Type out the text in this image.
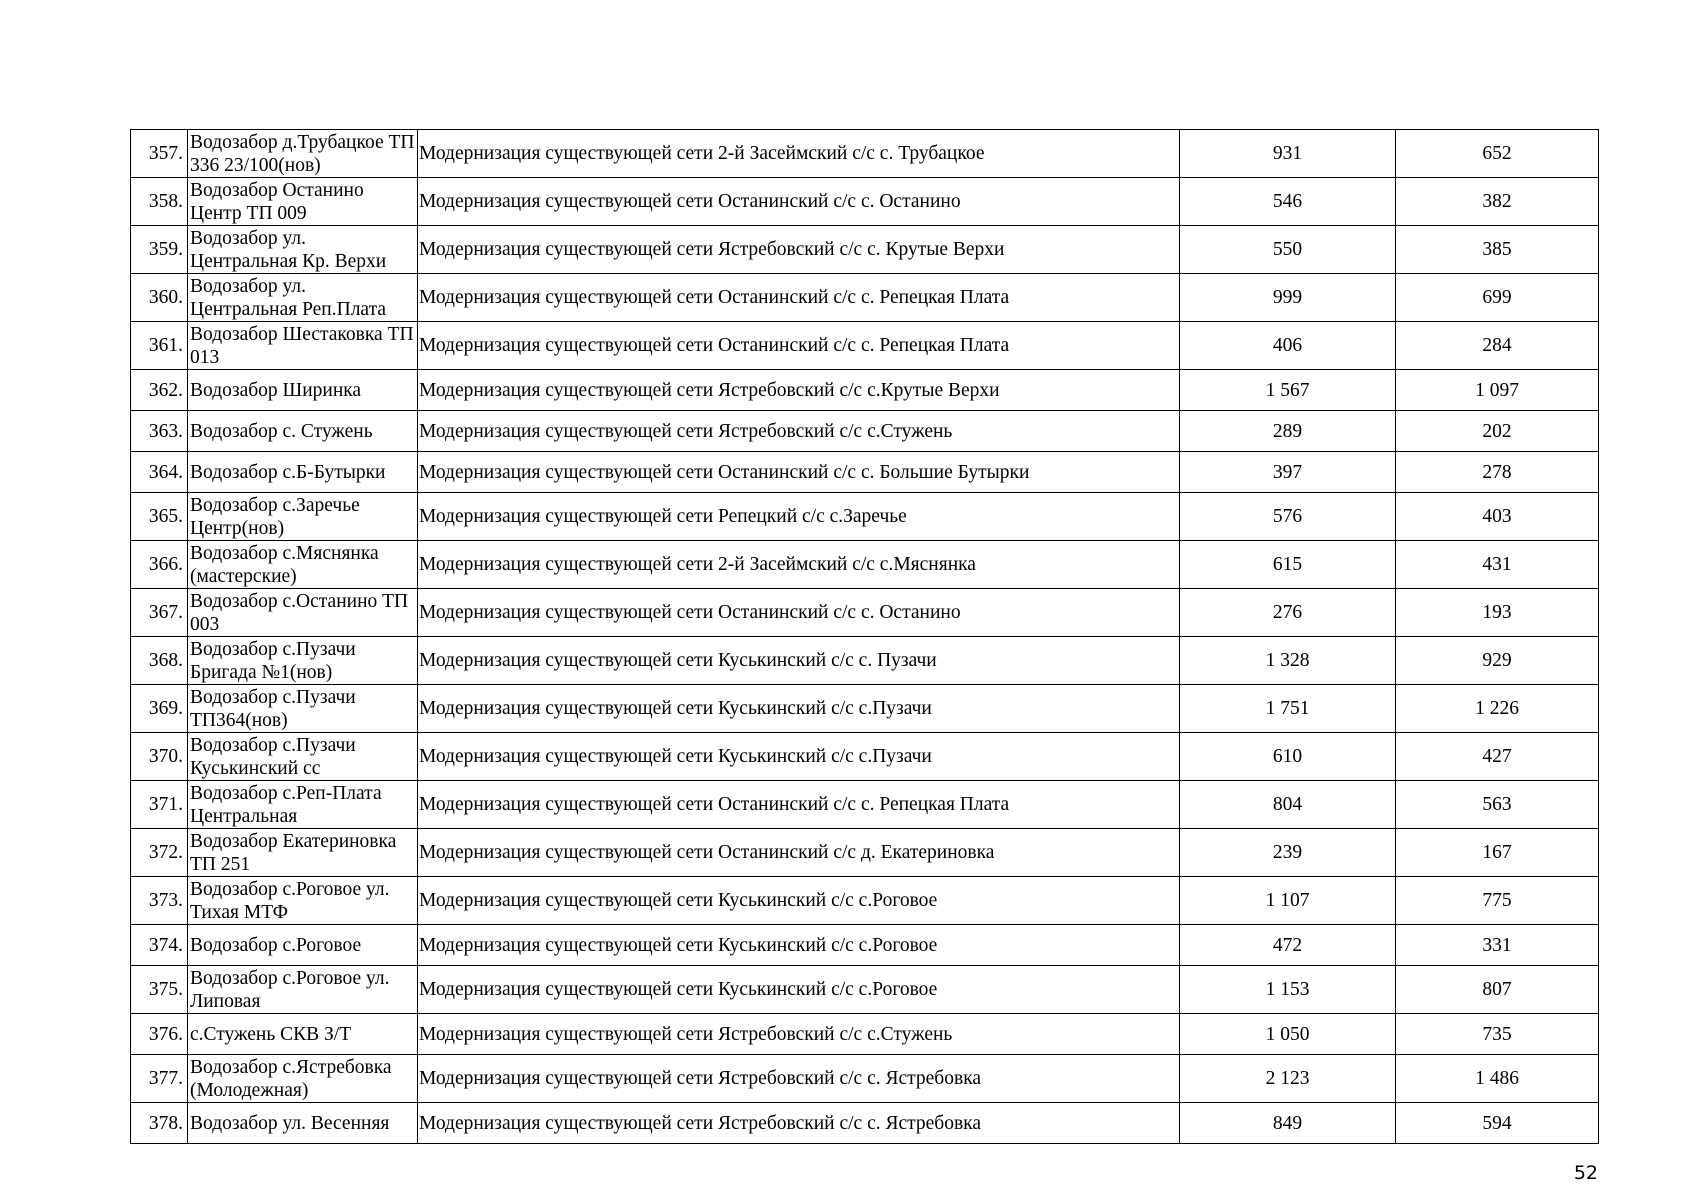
357.	Водозабор д.Трубацкое ТП 336 23/100(нов)	Модернизация существующей сети 2-й Засеймский с/с с. Трубацкое	931	652
358.	Водозабор Останино Центр ТП 009	Модернизация существующей сети Останинский с/с с. Останино	546	382
359.	Водозабор ул. Центральная Кр. Верхи	Модернизация существующей сети Ястребовский с/с с. Крутые Верхи	550	385
360.	Водозабор ул. Центральная Реп.Плата	Модернизация существующей сети Останинский с/с с. Репецкая Плата	999	699
361.	Водозабор Шестаковка ТП 013	Модернизация существующей сети Останинский с/с с. Репецкая Плата	406	284
362.	Водозабор Ширинка	Модернизация существующей сети Ястребовский с/с с.Крутые Верхи	1 567	1 097
363.	Водозабор с. Стужень	Модернизация существующей сети Ястребовский с/с с.Стужень	289	202
364.	Водозабор с.Б-Бутырки	Модернизация существующей сети Останинский с/с с. Большие Бутырки	397	278
365.	Водозабор с.Заречье Центр(нов)	Модернизация существующей сети Репецкий с/с с.Заречье	576	403
366.	Водозабор с.Мяснянка (мастерские)	Модернизация существующей сети 2-й Засеймский с/с с.Мяснянка	615	431
367.	Водозабор с.Останино ТП 003	Модернизация существующей сети Останинский с/с с. Останино	276	193
368.	Водозабор с.Пузачи Бригада №1(нов)	Модернизация существующей сети Куськинский с/с с. Пузачи	1 328	929
369.	Водозабор с.Пузачи ТП364(нов)	Модернизация существующей сети Куськинский с/с с.Пузачи	1 751	1 226
370.	Водозабор с.Пузачи Куськинский сс	Модернизация существующей сети Куськинский с/с с.Пузачи	610	427
371.	Водозабор с.Реп-Плата Центральная	Модернизация существующей сети Останинский с/с с. Репецкая Плата	804	563
372.	Водозабор Екатериновка ТП 251	Модернизация существующей сети Останинский с/с д. Екатериновка	239	167
373.	Водозабор с.Роговое ул. Тихая МТФ	Модернизация существующей сети Куськинский с/с с.Роговое	1 107	775
374.	Водозабор с.Роговое	Модернизация существующей сети Куськинский с/с с.Роговое	472	331
375.	Водозабор с.Роговое ул. Липовая	Модернизация существующей сети Куськинский с/с с.Роговое	1 153	807
376.	с.Стужень СКВ З/Т	Модернизация существующей сети Ястребовский с/с с.Стужень	1 050	735
377.	Водозабор с.Ястребовка (Молодежная)	Модернизация существующей сети Ястребовский с/с с. Ястребовка	2 123	1 486
378.	Водозабор ул. Весенняя	Модернизация существующей сети Ястребовский с/с с. Ястребовка	849	594
52
